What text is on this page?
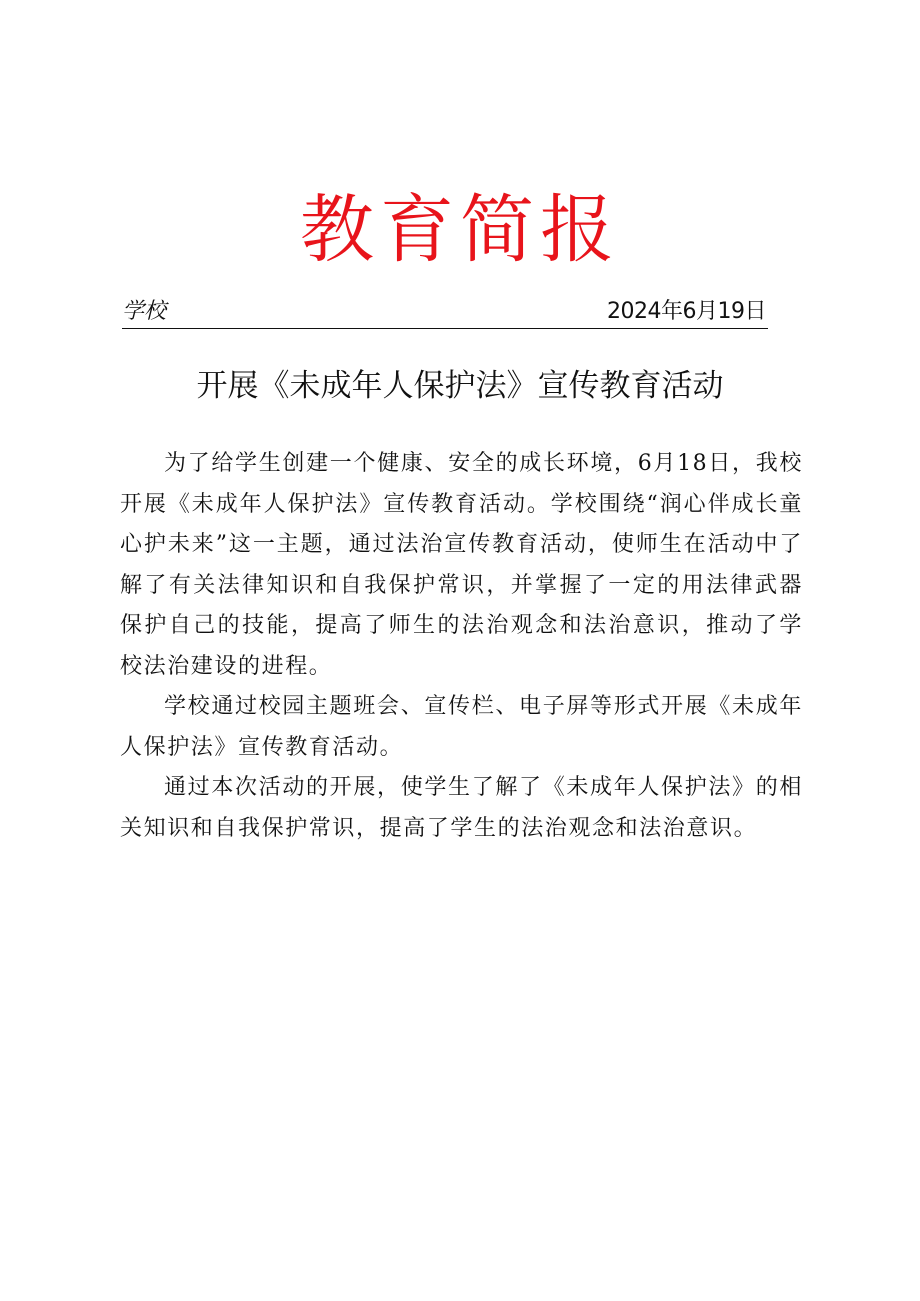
教育简报
学校	2024年6月19日
开展《未成年人保护法》宣传教育活动

为了给学生创建一个健康、安全的成长环境，6月18日，我校开展《未成年人保护法》宣传教育活动。学校围绕“润心伴成长童心护未来”这一主题，通过法治宣传教育活动，使师生在活动中了解了有关法律知识和自我保护常识，并掌握了一定的用法律武器保护自己的技能，提高了师生的法治观念和法治意识，推动了学校法治建设的进程。

学校通过校园主题班会、宣传栏、电子屏等形式开展《未成年人保护法》宣传教育活动。

通过本次活动的开展，使学生了解了《未成年人保护法》的相关知识和自我保护常识，提高了学生的法治观念和法治意识。
